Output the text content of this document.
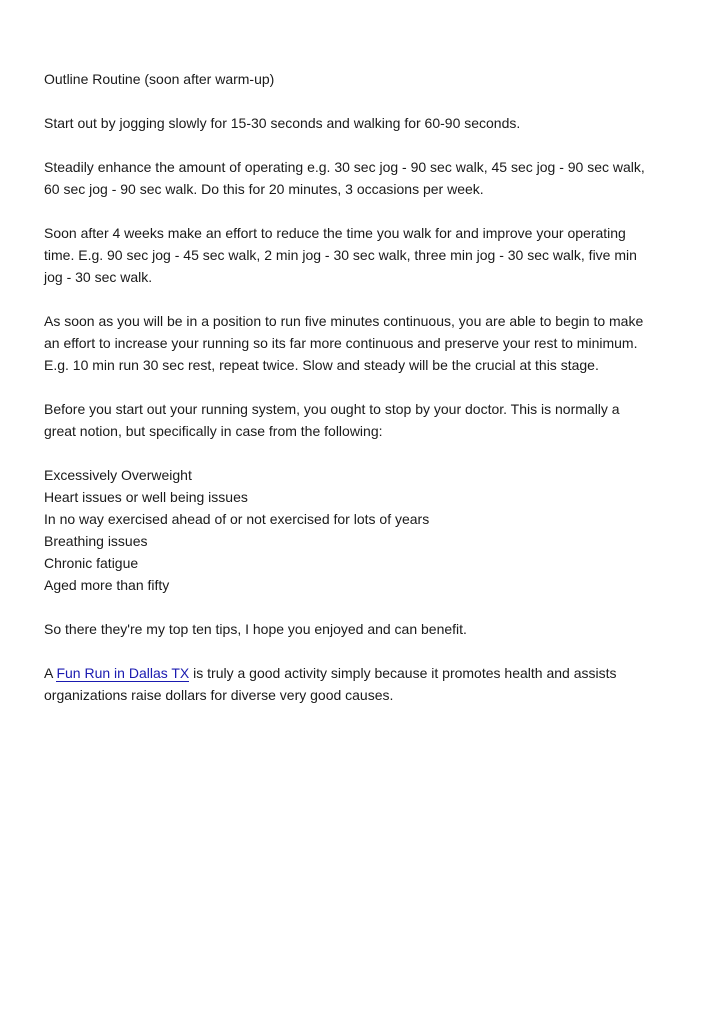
Outline Routine (soon after warm-up)

Start out by jogging slowly for 15-30 seconds and walking for 60-90 seconds.

Steadily enhance the amount of operating e.g. 30 sec jog - 90 sec walk, 45 sec jog - 90 sec walk,
60 sec jog - 90 sec walk. Do this for 20 minutes, 3 occasions per week.

Soon after 4 weeks make an effort to reduce the time you walk for and improve your operating
time. E.g. 90 sec jog - 45 sec walk, 2 min jog - 30 sec walk, three min jog - 30 sec walk, five min
jog - 30 sec walk.

As soon as you will be in a position to run five minutes continuous, you are able to begin to make
an effort to increase your running so its far more continuous and preserve your rest to minimum.
E.g. 10 min run 30 sec rest, repeat twice. Slow and steady will be the crucial at this stage.

Before you start out your running system, you ought to stop by your doctor. This is normally a
great notion, but specifically in case from the following:

Excessively Overweight
Heart issues or well being issues
In no way exercised ahead of or not exercised for lots of years
Breathing issues
Chronic fatigue
Aged more than fifty

So there they're my top ten tips, I hope you enjoyed and can benefit.

A Fun Run in Dallas TX is truly a good activity simply because it promotes health and assists
organizations raise dollars for diverse very good causes.
